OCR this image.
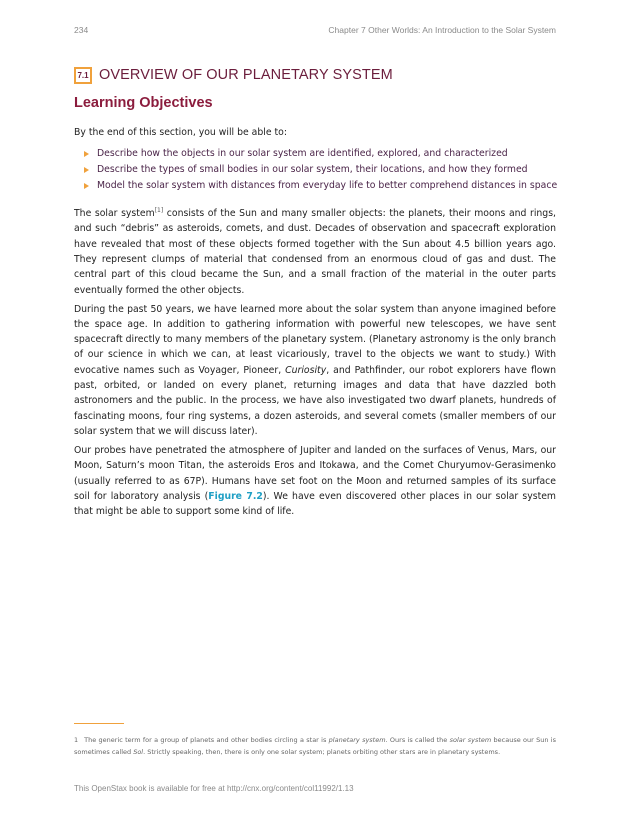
234	Chapter 7 Other Worlds: An Introduction to the Solar System
7.1 OVERVIEW OF OUR PLANETARY SYSTEM
Learning Objectives
By the end of this section, you will be able to:
Describe how the objects in our solar system are identified, explored, and characterized
Describe the types of small bodies in our solar system, their locations, and how they formed
Model the solar system with distances from everyday life to better comprehend distances in space

The solar system[1] consists of the Sun and many smaller objects: the planets, their moons and rings, and such “debris” as asteroids, comets, and dust. Decades of observation and spacecraft exploration have revealed that most of these objects formed together with the Sun about 4.5 billion years ago. They represent clumps of material that condensed from an enormous cloud of gas and dust. The central part of this cloud became the Sun, and a small fraction of the material in the outer parts eventually formed the other objects.

During the past 50 years, we have learned more about the solar system than anyone imagined before the space age. In addition to gathering information with powerful new telescopes, we have sent spacecraft directly to many members of the planetary system. (Planetary astronomy is the only branch of our science in which we can, at least vicariously, travel to the objects we want to study.) With evocative names such as Voyager, Pioneer, Curiosity, and Pathfinder, our robot explorers have flown past, orbited, or landed on every planet, returning images and data that have dazzled both astronomers and the public. In the process, we have also investigated two dwarf planets, hundreds of fascinating moons, four ring systems, a dozen asteroids, and several comets (smaller members of our solar system that we will discuss later).

Our probes have penetrated the atmosphere of Jupiter and landed on the surfaces of Venus, Mars, our Moon, Saturn’s moon Titan, the asteroids Eros and Itokawa, and the Comet Churyumov-Gerasimenko (usually referred to as 67P). Humans have set foot on the Moon and returned samples of its surface soil for laboratory analysis (Figure 7.2). We have even discovered other places in our solar system that might be able to support some kind of life.

1 The generic term for a group of planets and other bodies circling a star is planetary system. Ours is called the solar system because our Sun is sometimes called Sol. Strictly speaking, then, there is only one solar system; planets orbiting other stars are in planetary systems.
This OpenStax book is available for free at http://cnx.org/content/col11992/1.13
